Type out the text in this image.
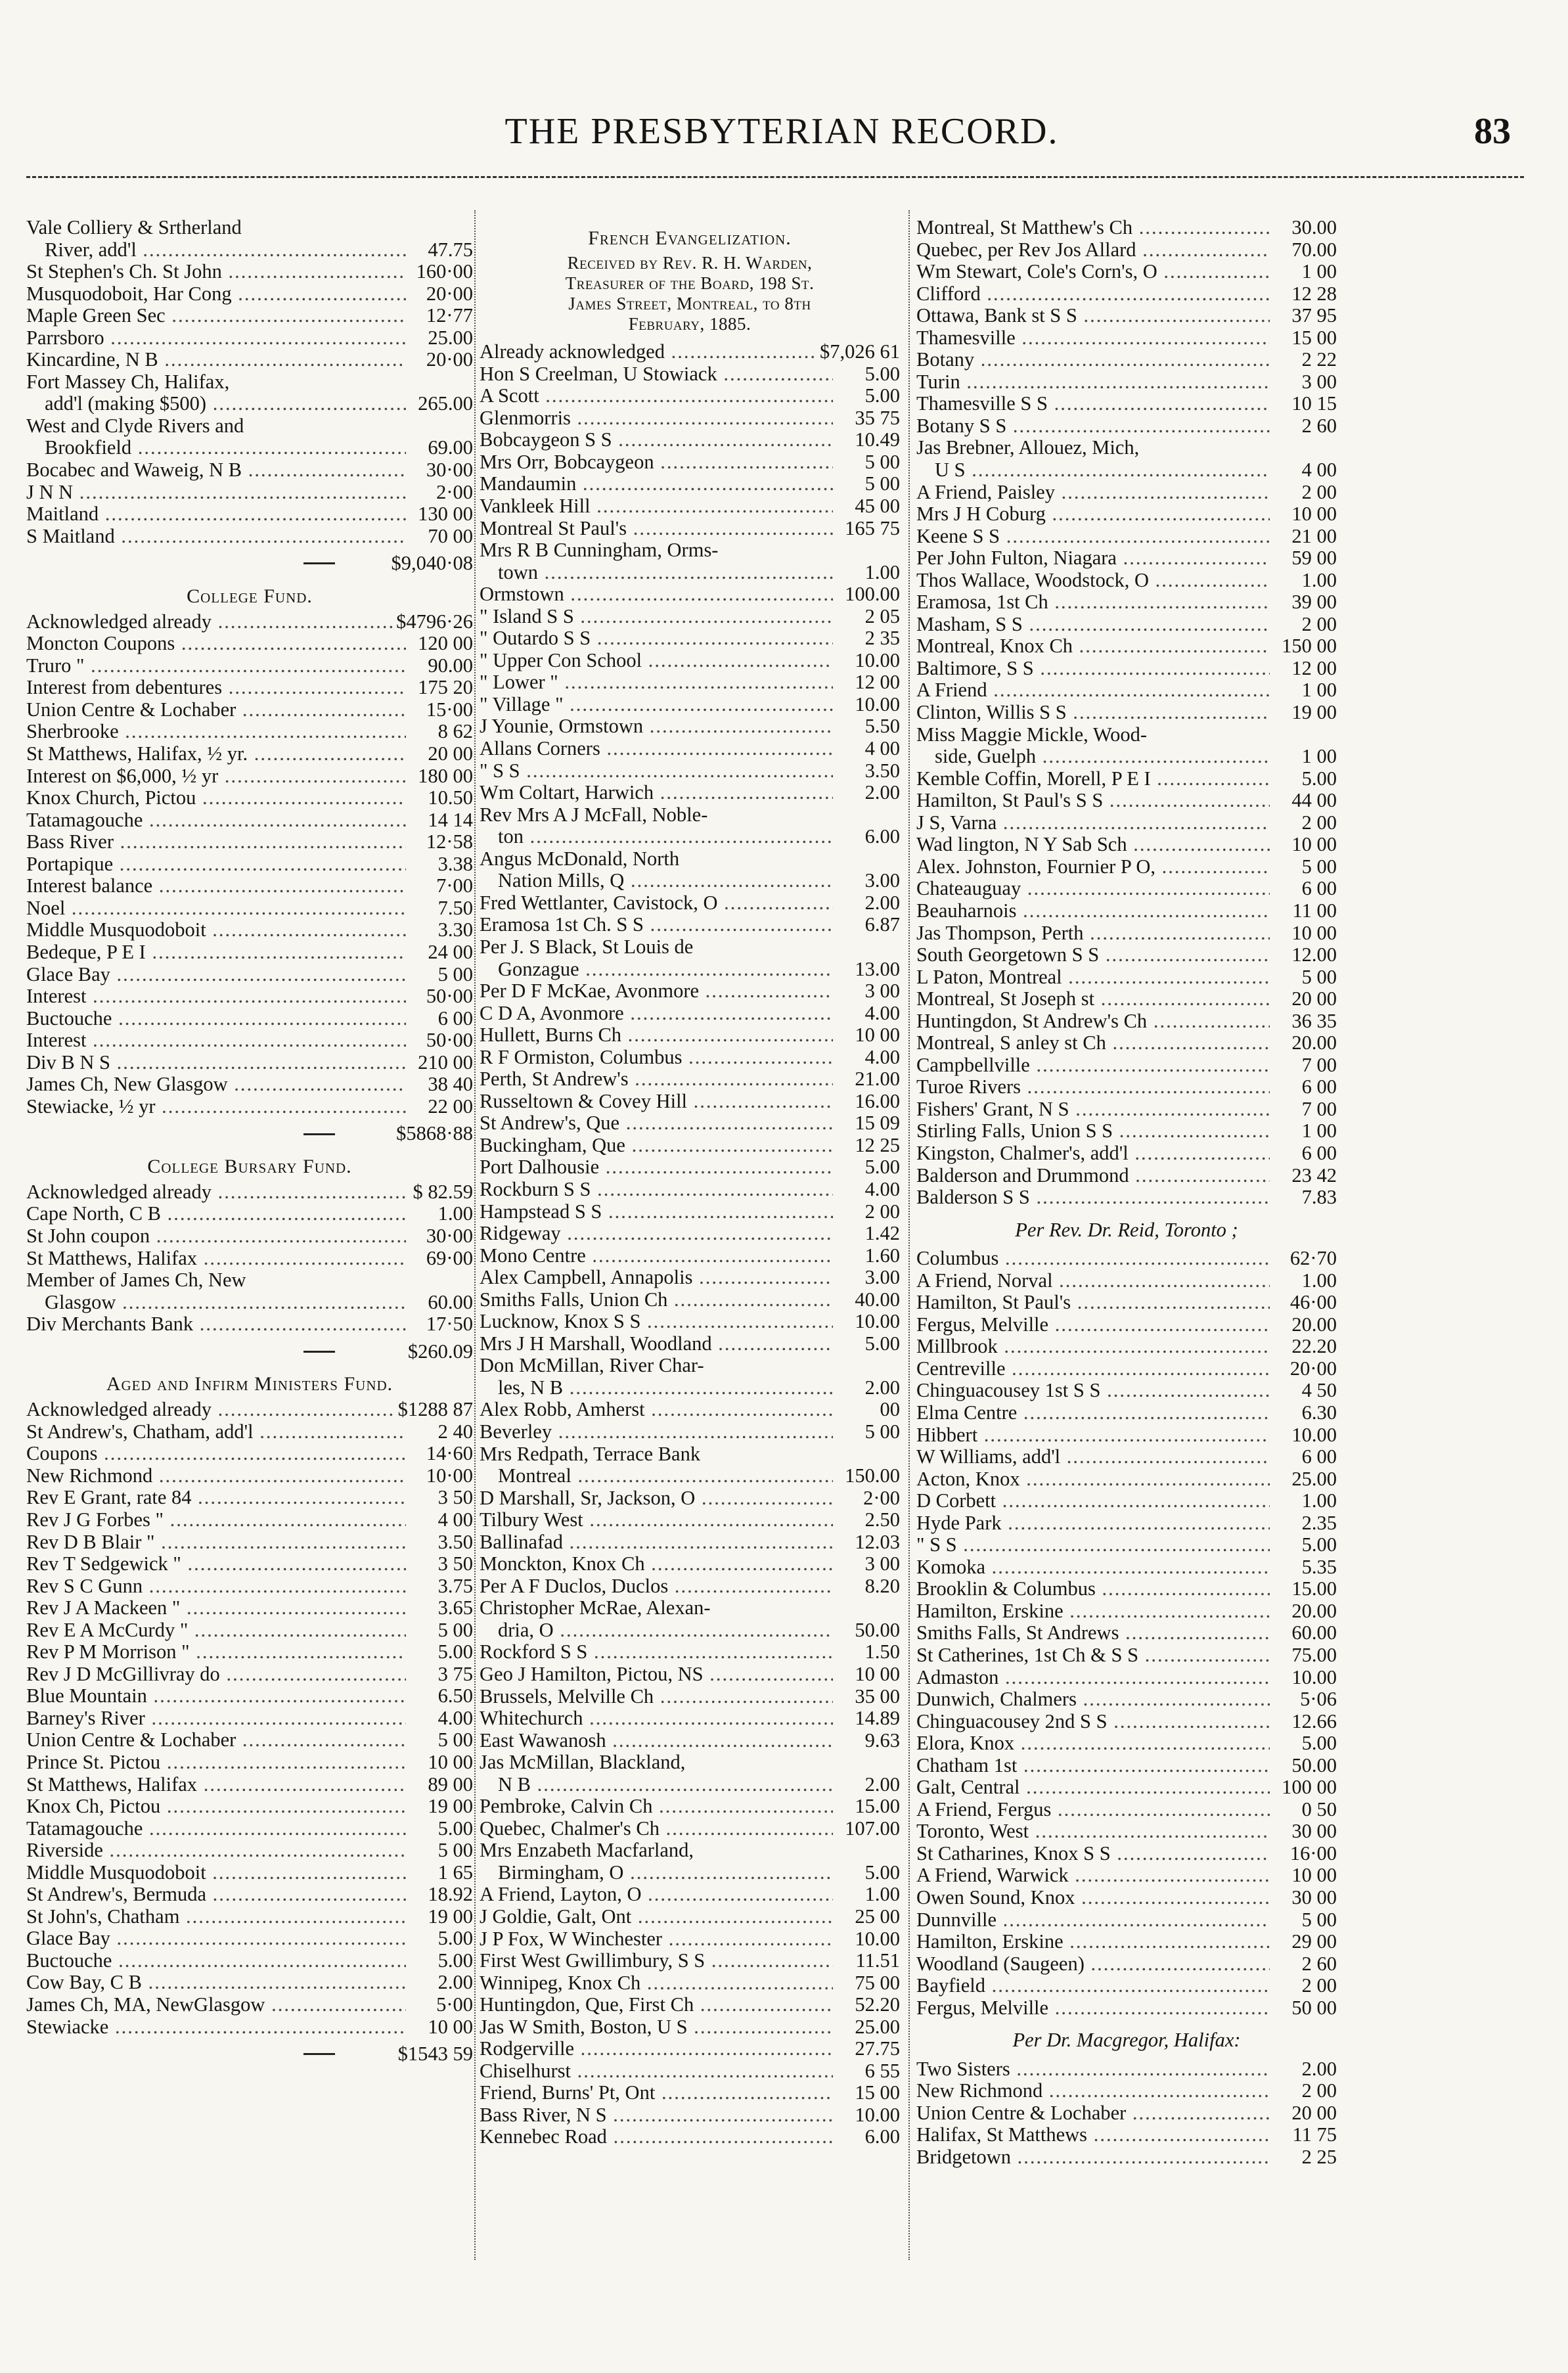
THE PRESBYTERIAN RECORD.	83
Vale Colliery & Srtherland
River, add'l .....	47.75
St Stephen's Ch. St John .....	160·00
Musquodoboit, Har Cong .....	20·00
Maple Green Sec .....	12·77
Parrsboro .....	25.00
Kincardine, N B .....	20·00
Fort Massey Ch, Halifax,
add'l (making $500) .....	265.00
West and Clyde Rivers and
Brookfield .....	69.00
Bocabec and Waweig, N B .....	30·00
J N N .....	2·00
Maitland .....	130 00
S Maitland .....	70 00
$9,040·08
College Fund.
Acknowledged already .....	$4796·26
Moncton Coupons .....	120 00
Truro " .....	90.00
Interest from debentures .....	175 20
Union Centre & Lochaber .....	15·00
Sherbrooke .....	8 62
St Matthews, Halifax, ½ yr. .....	20 00
Interest on $6,000, ½ yr .....	180 00
Knox Church, Pictou .....	10.50
Tatamagouche .....	14 14
Bass River .....	12·58
Portapique .....	3.38
Interest balance .....	7·00
Noel .....	7.50
Middle Musquodoboit .....	3.30
Bedeque, P E I .....	24 00
Glace Bay .....	5 00
Interest .....	50·00
Buctouche .....	6 00
Interest .....	50·00
Div B N S .....	210 00
James Ch, New Glasgow .....	38 40
Stewiacke, ½ yr .....	22 00
$5868·88
College Bursary Fund.
Acknowledged already .....	$ 82.59
Cape North, C B .....	1.00
St John coupon .....	30·00
St Matthews, Halifax .....	69·00
Member of James Ch, New
Glasgow .....	60.00
Div Merchants Bank .....	17·50
$260.09
Aged and Infirm Ministers Fund.
Acknowledged already .....	$1288 87
St Andrew's, Chatham, add'l .....	2 40
Coupons .....	14·60
New Richmond .....	10·00
Rev E Grant, rate 84 .....	3 50
Rev J G Forbes " .....	4 00
Rev D B Blair " .....	3.50
Rev T Sedgewick " .....	3 50
Rev S C Gunn .....	3.75
Rev J A Mackeen " .....	3.65
Rev E A McCurdy " .....	5 00
Rev P M Morrison " .....	5.00
Rev J D McGillivray do .....	3 75
Blue Mountain .....	6.50
Barney's River .....	4.00
Union Centre & Lochaber .....	5 00
Prince St. Pictou .....	10 00
St Matthews, Halifax .....	89 00
Knox Ch, Pictou .....	19 00
Tatamagouche .....	5.00
Riverside .....	5 00
Middle Musquodoboit .....	1 65
St Andrew's, Bermuda .....	18.92
St John's, Chatham .....	19 00
Glace Bay .....	5.00
Buctouche .....	5.00
Cow Bay, C B .....	2.00
James Ch, MA, NewGlasgow .....	5·00
Stewiacke .....	10 00
$1543 59
French Evangelization.
Received by Rev. R. H. Warden,
Treasurer of the Board, 198 St.
James Street, Montreal, to 8th
February, 1885.
Already acknowledged .....	$7,026 61
Hon S Creelman, U Stowiack .....	5.00
A Scott .....	5.00
Glenmorris .....	35 75
Bobcaygeon S S .....	10.49
Mrs Orr, Bobcaygeon .....	5 00
Mandaumin .....	5 00
Vankleek Hill .....	45 00
Montreal St Paul's .....	165 75
Mrs R B Cunningham, Orms-
town .....	1.00
Ormstown .....	100.00
" Island S S .....	2 05
" Outardo S S .....	2 35
" Upper Con School .....	10.00
" Lower " .....	12 00
" Village " .....	10.00
J Younie, Ormstown .....	5.50
Allans Corners .....	4 00
" S S .....	3.50
Wm Coltart, Harwich .....	2.00
Rev Mrs A J McFall, Noble-
ton .....	6.00
Angus McDonald, North
Nation Mills, Q .....	3.00
Fred Wettlanter, Cavistock, O .....	2.00
Eramosa 1st Ch. S S .....	6.87
Per J. S Black, St Louis de
Gonzague .....	13.00
Per D F McKae, Avonmore .....	3 00
C D A, Avonmore .....	4.00
Hullett, Burns Ch .....	10 00
R F Ormiston, Columbus .....	4.00
Perth, St Andrew's .....	21.00
Russeltown & Covey Hill .....	16.00
St Andrew's, Que .....	15 09
Buckingham, Que .....	12 25
Port Dalhousie .....	5.00
Rockburn S S .....	4.00
Hampstead S S .....	2 00
Ridgeway .....	1.42
Mono Centre .....	1.60
Alex Campbell, Annapolis .....	3.00
Smiths Falls, Union Ch .....	40.00
Lucknow, Knox S S .....	10.00
Mrs J H Marshall, Woodland .....	5.00
Don McMillan, River Char-
les, N B .....	2.00
Alex Robb, Amherst .....	00
Beverley .....	5 00
Mrs Redpath, Terrace Bank
Montreal .....	150.00
D Marshall, Sr, Jackson, O .....	2·00
Tilbury West .....	2.50
Ballinafad .....	12.03
Monckton, Knox Ch .....	3 00
Per A F Duclos, Duclos .....	8.20
Christopher McRae, Alexan-
dria, O .....	50.00
Rockford S S .....	1.50
Geo J Hamilton, Pictou, NS .....	10 00
Brussels, Melville Ch .....	35 00
Whitechurch .....	14.89
East Wawanosh .....	9.63
Jas McMillan, Blackland,
N B .....	2.00
Pembroke, Calvin Ch .....	15.00
Quebec, Chalmer's Ch .....	107.00
Mrs Enzabeth Macfarland,
Birmingham, O .....	5.00
A Friend, Layton, O .....	1.00
J Goldie, Galt, Ont .....	25 00
J P Fox, W Winchester .....	10.00
First West Gwillimbury, S S .....	11.51
Winnipeg, Knox Ch .....	75 00
Huntingdon, Que, First Ch .....	52.20
Jas W Smith, Boston, U S .....	25.00
Rodgerville .....	27.75
Chiselhurst .....	6 55
Friend, Burns' Pt, Ont .....	15 00
Bass River, N S .....	10.00
Kennebec Road .....	6.00
Montreal, St Matthew's Ch .....	30.00
Quebec, per Rev Jos Allard .....	70.00
Wm Stewart, Cole's Corn's, O .....	1 00
Clifford .....	12 28
Ottawa, Bank st S S .....	37 95
Thamesville .....	15 00
Botany .....	2 22
Turin .....	3 00
Thamesville S S .....	10 15
Botany S S .....	2 60
Jas Brebner, Allouez, Mich,
U S .....	4 00
A Friend, Paisley .....	2 00
Mrs J H Coburg .....	10 00
Keene S S .....	21 00
Per John Fulton, Niagara .....	59 00
Thos Wallace, Woodstock, O .....	1.00
Eramosa, 1st Ch .....	39 00
Masham, S S .....	2 00
Montreal, Knox Ch .....	150 00
Baltimore, S S .....	12 00
A Friend .....	1 00
Clinton, Willis S S .....	19 00
Miss Maggie Mickle, Wood-
side, Guelph .....	1 00
Kemble Coffin, Morell, P E I .....	5.00
Hamilton, St Paul's S S .....	44 00
J S, Varna .....	2 00
Wad lington, N Y Sab Sch .....	10 00
Alex. Johnston, Fournier P O, .....	5 00
Chateauguay .....	6 00
Beauharnois .....	11 00
Jas Thompson, Perth .....	10 00
South Georgetown S S .....	12.00
L Paton, Montreal .....	5 00
Montreal, St Joseph st .....	20 00
Huntingdon, St Andrew's Ch .....	36 35
Montreal, S anley st Ch .....	20.00
Campbellville .....	7 00
Turoe Rivers .....	6 00
Fishers' Grant, N S .....	7 00
Stirling Falls, Union S S .....	1 00
Kingston, Chalmer's, add'l .....	6 00
Balderson and Drummond .....	23 42
Balderson S S .....	7.83
Per Rev. Dr. Reid, Toronto ;
Columbus .....	62·70
A Friend, Norval .....	1.00
Hamilton, St Paul's .....	46·00
Fergus, Melville .....	20.00
Millbrook .....	22.20
Centreville .....	20·00
Chinguacousey 1st S S .....	4 50
Elma Centre .....	6.30
Hibbert .....	10.00
W Williams, add'l .....	6 00
Acton, Knox .....	25.00
D Corbett .....	1.00
Hyde Park .....	2.35
" S S .....	5.00
Komoka .....	5.35
Brooklin & Columbus .....	15.00
Hamilton, Erskine .....	20.00
Smiths Falls, St Andrews .....	60.00
St Catherines, 1st Ch & S S .....	75.00
Admaston .....	10.00
Dunwich, Chalmers .....	5·06
Chinguacousey 2nd S S .....	12.66
Elora, Knox .....	5.00
Chatham 1st .....	50.00
Galt, Central .....	100 00
A Friend, Fergus .....	0 50
Toronto, West .....	30 00
St Catharines, Knox S S .....	16·00
A Friend, Warwick .....	10 00
Owen Sound, Knox .....	30 00
Dunnville .....	5 00
Hamilton, Erskine .....	29 00
Woodland (Saugeen) .....	2 60
Bayfield .....	2 00
Fergus, Melville .....	50 00
Per Dr. Macgregor, Halifax:
Two Sisters .....	2.00
New Richmond .....	2 00
Union Centre & Lochaber .....	20 00
Halifax, St Matthews .....	11 75
Bridgetown .....	2 25
